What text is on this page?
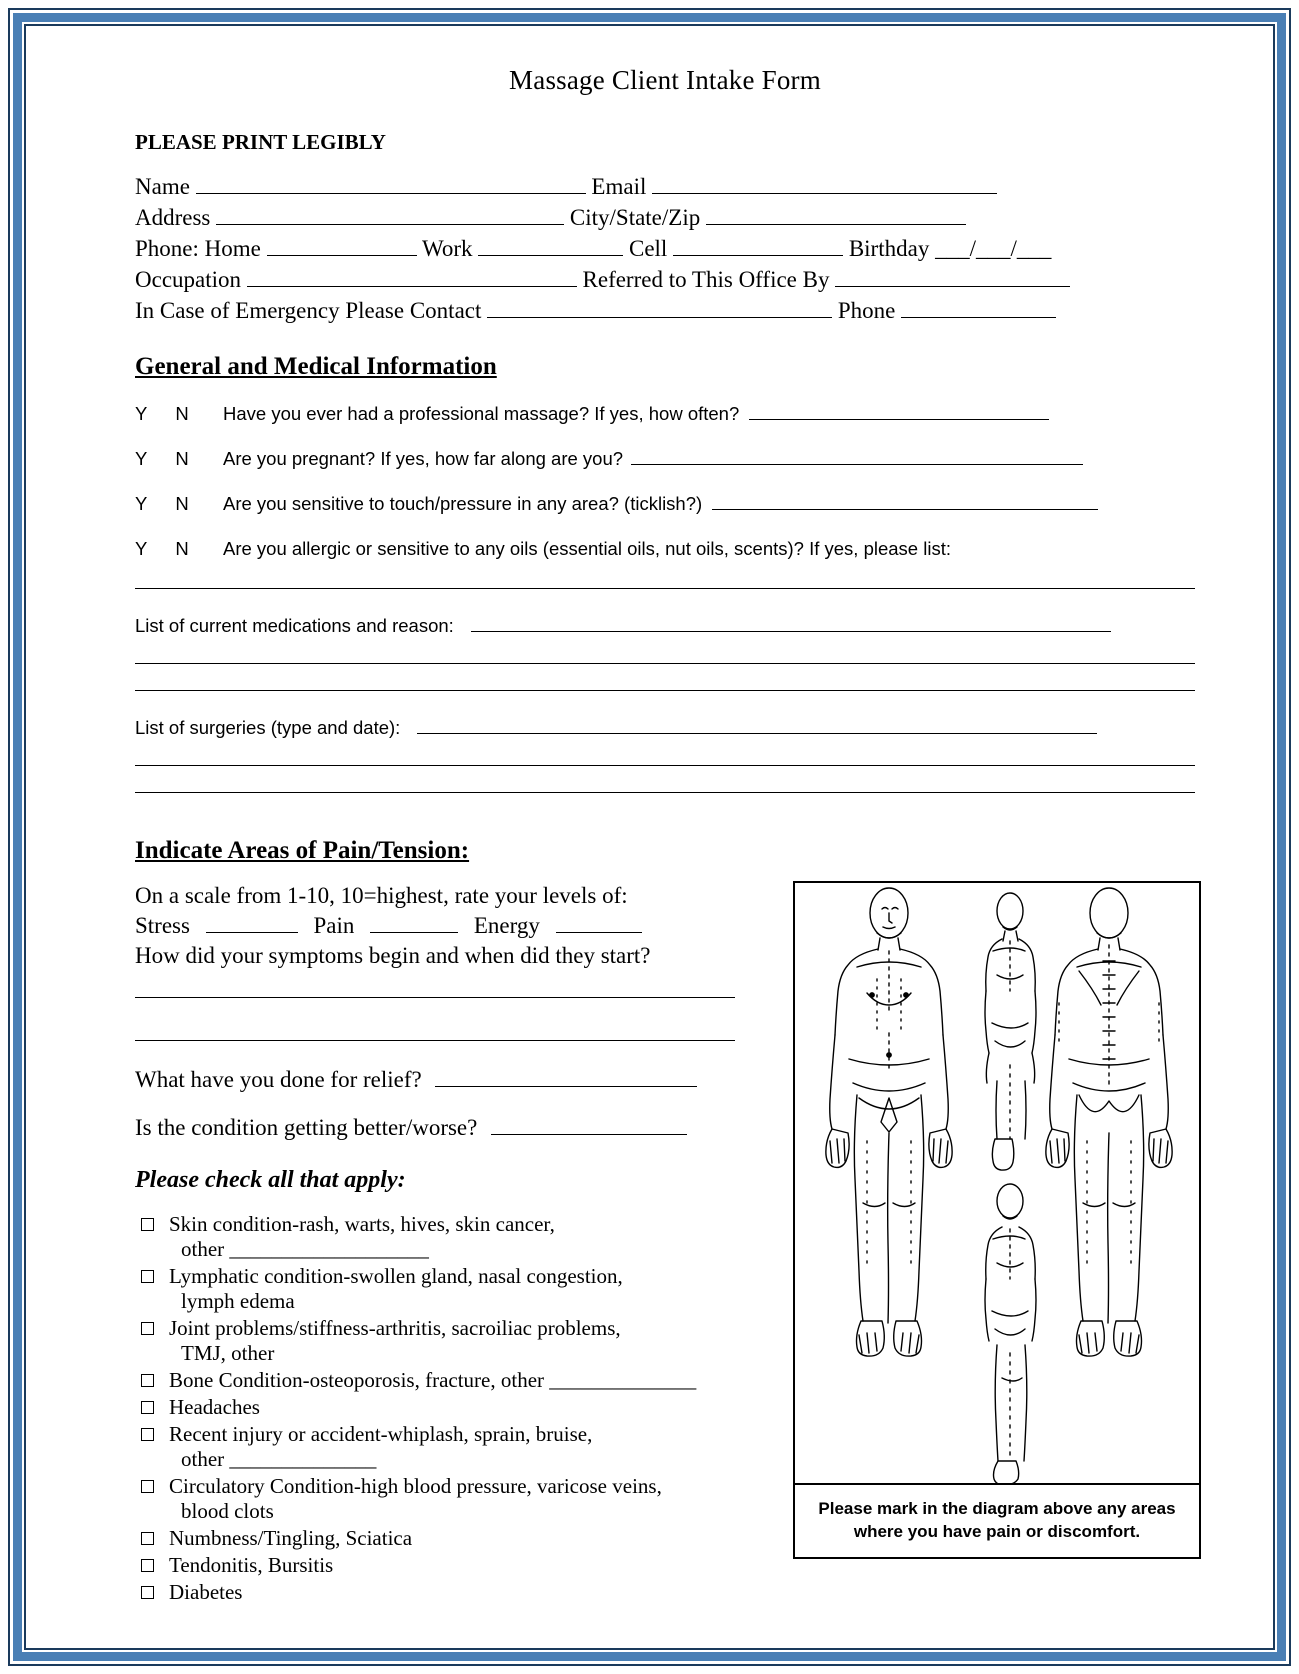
Massage Client Intake Form
PLEASE PRINT LEGIBLY
Name	Email
Address	City/State/Zip
Phone: Home	Work	Cell	Birthday ___/___/___
Occupation	Referred to This Office By
In Case of Emergency Please Contact	Phone
General and Medical Information
Y N	Have you ever had a professional massage? If yes, how often?
Y N	Are you pregnant? If yes, how far along are you?
Y N	Are you sensitive to touch/pressure in any area? (ticklish?)
Y N	Are you allergic or sensitive to any oils (essential oils, nut oils, scents)? If yes, please list:
List of current medications and reason:
List of surgeries (type and date):
Indicate Areas of Pain/Tension:
On a scale from 1-10, 10=highest, rate your levels of:
Stress	Pain	Energy
How did your symptoms begin and when did they start?
What have you done for relief?
Is the condition getting better/worse?
Please check all that apply:
Skin condition-rash, warts, hives, skin cancer,
other ___________________
Lymphatic condition-swollen gland, nasal congestion,
lymph edema
Joint problems/stiffness-arthritis, sacroiliac problems,
TMJ, other
Bone Condition-osteoporosis, fracture, other ______________
Headaches
Recent injury or accident-whiplash, sprain, bruise,
other ______________
Circulatory Condition-high blood pressure, varicose veins,
blood clots
Numbness/Tingling, Sciatica
Tendonitis, Bursitis
Diabetes
Please mark in the diagram above any areas where you have pain or discomfort.
